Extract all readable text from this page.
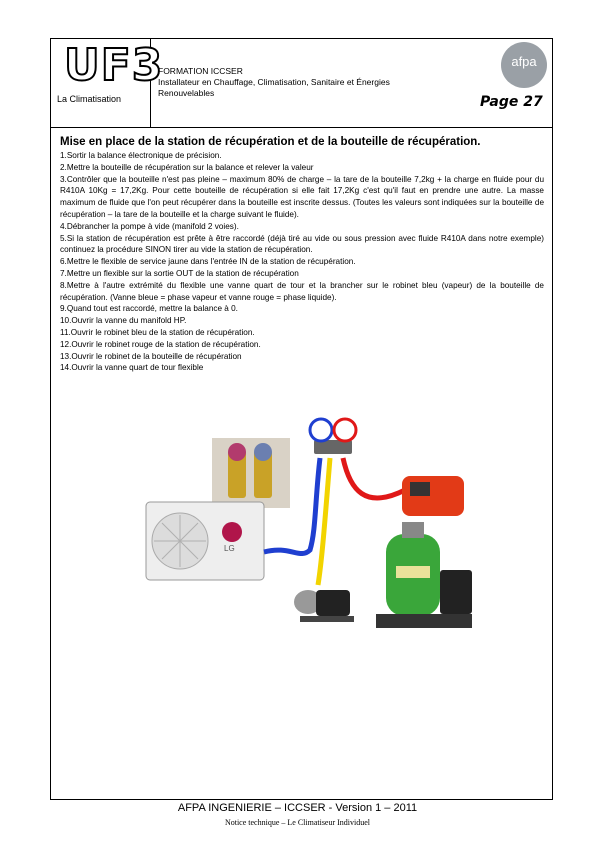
UF3
La Climatisation
FORMATION ICCSER
Installateur en Chauffage, Climatisation, Sanitaire et Énergies
Renouvelables
afpa
Page 27
Mise en place de la station de récupération et de la bouteille de récupération.
1.Sortir la balance électronique de précision.
2.Mettre la bouteille de récupération sur la balance et relever la valeur
3.Contrôler que la bouteille n'est pas pleine – maximum 80% de charge – la tare de la bouteille 7,2kg + la charge en fluide pour du R410A 10Kg = 17,2Kg. Pour cette bouteille de récupération si elle fait 17,2Kg c'est qu'il faut en prendre une autre. La masse maximum de fluide que l'on peut récupérer dans la bouteille est inscrite dessus. (Toutes les valeurs sont indiquées sur la bouteille de récupération – la tare de la bouteille et la charge suivant le fluide).
4.Débrancher la pompe à vide (manifold 2 voies).
5.Si la station de récupération est prête à être raccordé (déjà tiré au vide ou sous pression avec fluide R410A dans notre exemple) continuez la procédure SINON tirer au vide la station de récupération.
6.Mettre le flexible de service jaune dans l'entrée IN de la station de récupération.
7.Mettre un flexible sur la sortie OUT de la station de récupération
8.Mettre à l'autre extrémité du flexible une vanne quart de tour et la brancher sur le robinet bleu (vapeur) de la bouteille de récupération. (Vanne bleue = phase vapeur et vanne rouge = phase liquide).
9.Quand tout est raccordé, mettre la balance à 0.
10.Ouvrir la vanne du manifold HP.
11.Ouvrir le robinet bleu de la station de récupération.
12.Ouvrir le robinet rouge de la station de récupération.
13.Ouvrir le robinet de la bouteille de récupération
14.Ouvrir la vanne quart de tour flexible
LG
AFPA INGENIERIE – ICCSER - Version 1 – 2011
Notice technique – Le Climatiseur Individuel
